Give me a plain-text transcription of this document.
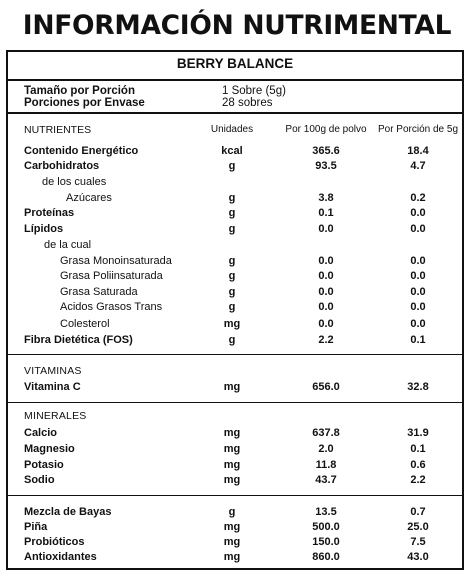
INFORMACIÓN NUTRIMENTAL
BERRY BALANCE
Tamaño por Porción	1 Sobre (5g)
Porciones por Envase	28 sobres
NUTRIENTES	Unidades	Por 100g de polvo Por Porción de 5g
Contenido Energético	kcal	365.6	18.4
Carbohidratos	g	93.5	4.7
de los cuales
Azúcares	g	3.8	0.2
Proteínas	g	0.1	0.0
Lípidos	g	0.0	0.0
de la cual
Grasa Monoinsaturada	g	0.0	0.0
Grasa Poliinsaturada	g	0.0	0.0
Grasa Saturada	g	0.0	0.0
Acidos Grasos Trans	g	0.0	0.0
Colesterol	mg	0.0	0.0
Fibra Dietética (FOS)	g	2.2	0.1
VITAMINAS
Vitamina C	mg	656.0	32.8
MINERALES
Calcio	mg	637.8	31.9
Magnesio	mg	2.0	0.1
Potasio	mg	11.8	0.6
Sodio	mg	43.7	2.2
Mezcla de Bayas	g	13.5	0.7
Piña	mg	500.0	25.0
Probióticos	mg	150.0	7.5
Antioxidantes	mg	860.0	43.0
